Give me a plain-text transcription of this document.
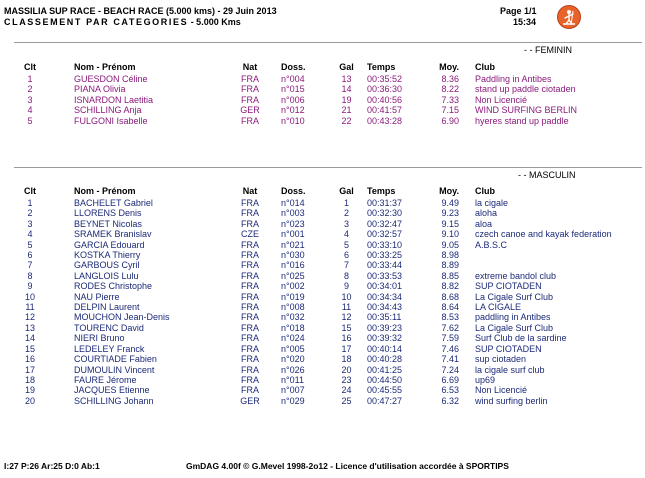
MASSILIA SUP RACE - BEACH RACE (5.000 kms) - 29 Juin 2013
CLASSEMENT PAR CATEGORIES - 5.000 Kms
Page 1/1
15:34
- - FEMININ
Clt	Nom - Prénom	Nat	Doss.	Gal	Temps	Moy.	Club
1	GUESDON Céline	FRA	n°004	13	00:35:52	8.36	Paddling in Antibes
2	PIANA Olivia	FRA	n°015	14	00:36:30	8.22	stand up paddle ciotaden
3	ISNARDON Laetitia	FRA	n°006	19	00:40:56	7.33	Non Licencié
4	SCHILLING Anja	GER	n°012	21	00:41:57	7.15	WIND SURFING BERLIN
5	FULGONI Isabelle	FRA	n°010	22	00:43:28	6.90	hyeres stand up paddle
- - MASCULIN
Clt	Nom - Prénom	Nat	Doss.	Gal	Temps	Moy.	Club
1	BACHELET Gabriel	FRA	n°014	1	00:31:37	9.49	la cigale
2	LLORENS Denis	FRA	n°003	2	00:32:30	9.23	aloha
3	BEYNET Nicolas	FRA	n°023	3	00:32:47	9.15	aloa
4	SRAMEK Branislav	CZE	n°001	4	00:32:57	9.10	czech canoe and kayak federation
5	GARCIA Edouard	FRA	n°021	5	00:33:10	9.05	A.B.S.C
6	KOSTKA Thierry	FRA	n°030	6	00:33:25	8.98	
7	GARBOUS Cyril	FRA	n°016	7	00:33:44	8.89	
8	LANGLOIS Lulu	FRA	n°025	8	00:33:53	8.85	extreme bandol club
9	RODES Christophe	FRA	n°002	9	00:34:01	8.82	SUP CIOTADEN
10	NAU Pierre	FRA	n°019	10	00:34:34	8.68	La Cigale Surf Club
11	DELPIN Laurent	FRA	n°008	11	00:34:43	8.64	LA CIGALE
12	MOUCHON Jean-Denis	FRA	n°032	12	00:35:11	8.53	paddling in Antibes
13	TOURENC David	FRA	n°018	15	00:39:23	7.62	La Cigale Surf Club
14	NIERI Bruno	FRA	n°024	16	00:39:32	7.59	Surf Club de la sardine
15	LEDELEY Franck	FRA	n°005	17	00:40:14	7.46	SUP CIOTADEN
16	COURTIADE Fabien	FRA	n°020	18	00:40:28	7.41	sup ciotaden
17	DUMOULIN Vincent	FRA	n°026	20	00:41:25	7.24	la cigale surf club
18	FAURE Jérome	FRA	n°011	23	00:44:50	6.69	up69
19	JACQUES Etienne	FRA	n°007	24	00:45:55	6.53	Non Licencié
20	SCHILLING Johann	GER	n°029	25	00:47:27	6.32	wind surfing berlin
I:27 P:26 Ar:25 D:0 Ab:1	GmDAG 4.00f © G.Mevel 1998-2o12 - Licence d'utilisation accordée à SPORTIPS
